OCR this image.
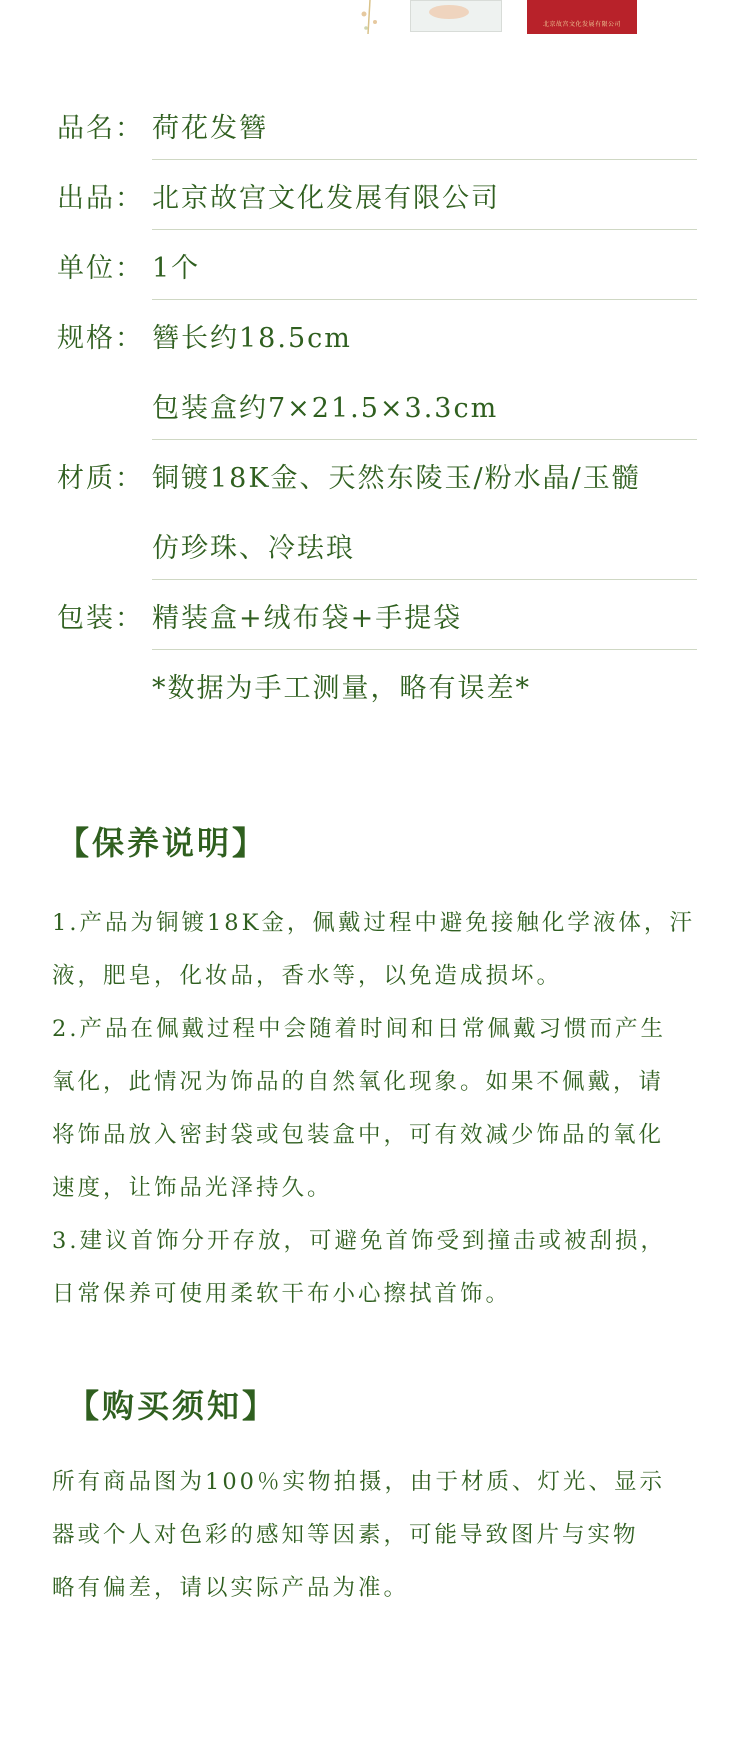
北京故宫文化发展有限公司
品名： 荷花发簪
出品： 北京故宫文化发展有限公司
单位： 1个
规格： 簪长约18.5cm
包装盒约7×21.5×3.3cm
材质： 铜镀18K金、天然东陵玉/粉水晶/玉髓
仿珍珠、冷珐琅
包装： 精装盒+绒布袋+手提袋
*数据为手工测量，略有误差*
【保养说明】

1.产品为铜镀18K金，佩戴过程中避免接触化学液体，汗

液，肥皂，化妆品，香水等，以免造成损坏。

2.产品在佩戴过程中会随着时间和日常佩戴习惯而产生

氧化，此情况为饰品的自然氧化现象。如果不佩戴，请

将饰品放入密封袋或包装盒中，可有效减少饰品的氧化

速度，让饰品光泽持久。

3.建议首饰分开存放，可避免首饰受到撞击或被刮损，

日常保养可使用柔软干布小心擦拭首饰。

【购买须知】

所有商品图为100％实物拍摄，由于材质、灯光、显示

器或个人对色彩的感知等因素，可能导致图片与实物

略有偏差，请以实际产品为准。
